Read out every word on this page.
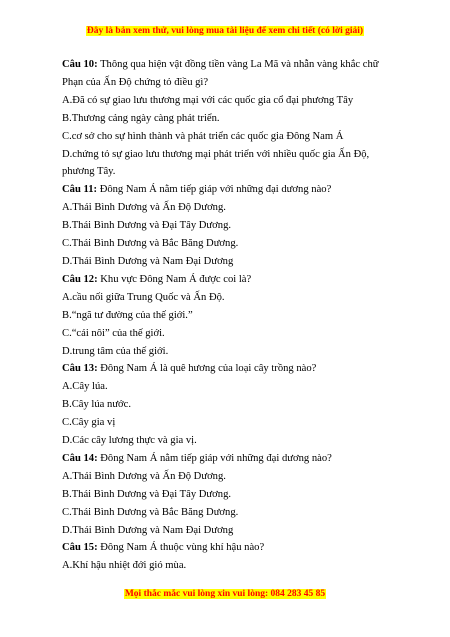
Đây là bản xem thử, vui lòng mua tài liệu để xem chi tiết (có lời giải)

Câu 10: Thông qua hiện vật đồng tiền vàng La Mã và nhẫn vàng khắc chữ Phạn của Ấn Độ chứng tỏ điều gì?

A.Đã có sự giao lưu thương mại với các quốc gia cổ đại phương Tây

B.Thương cảng ngày càng phát triển.

C.cơ sở cho sự hình thành và phát triển các quốc gia Đông Nam Á

D.chứng tỏ sự giao lưu thương mại phát triển với nhiều quốc gia Ấn Độ, phương Tây.

Câu 11: Đông Nam Á nằm tiếp giáp với những đại dương nào?

A.Thái Bình Dương và Ấn Độ Dương.

B.Thái Bình Dương và Đại Tây Dương.

C.Thái Bình Dương và Bắc Băng Dương.

D.Thái Bình Dương và Nam Đại Dương

Câu 12: Khu vực Đông Nam Á được coi là?

A.cầu nối giữa Trung Quốc và Ấn Độ.

B.“ngã tư đường của thế giới.”

C.“cái nôi” của thế giới.

D.trung tâm của thế giới.

Câu 13: Đông Nam Á là quê hương của loại cây trồng nào?

A.Cây lúa.

B.Cây lúa nước.

C.Cây gia vị

D.Các cây lương thực và gia vị.

Câu 14: Đông Nam Á nằm tiếp giáp với những đại dương nào?

A.Thái Bình Dương và Ấn Độ Dương.

B.Thái Bình Dương và Đại Tây Dương.

C.Thái Bình Dương và Bắc Băng Dương.

D.Thái Bình Dương và Nam Đại Dương

Câu 15: Đông Nam Á thuộc vùng khí hậu nào?

A.Khí hậu nhiệt đới gió mùa.

Mọi thắc mắc vui lòng xin vui lòng: 084 283 45 85
